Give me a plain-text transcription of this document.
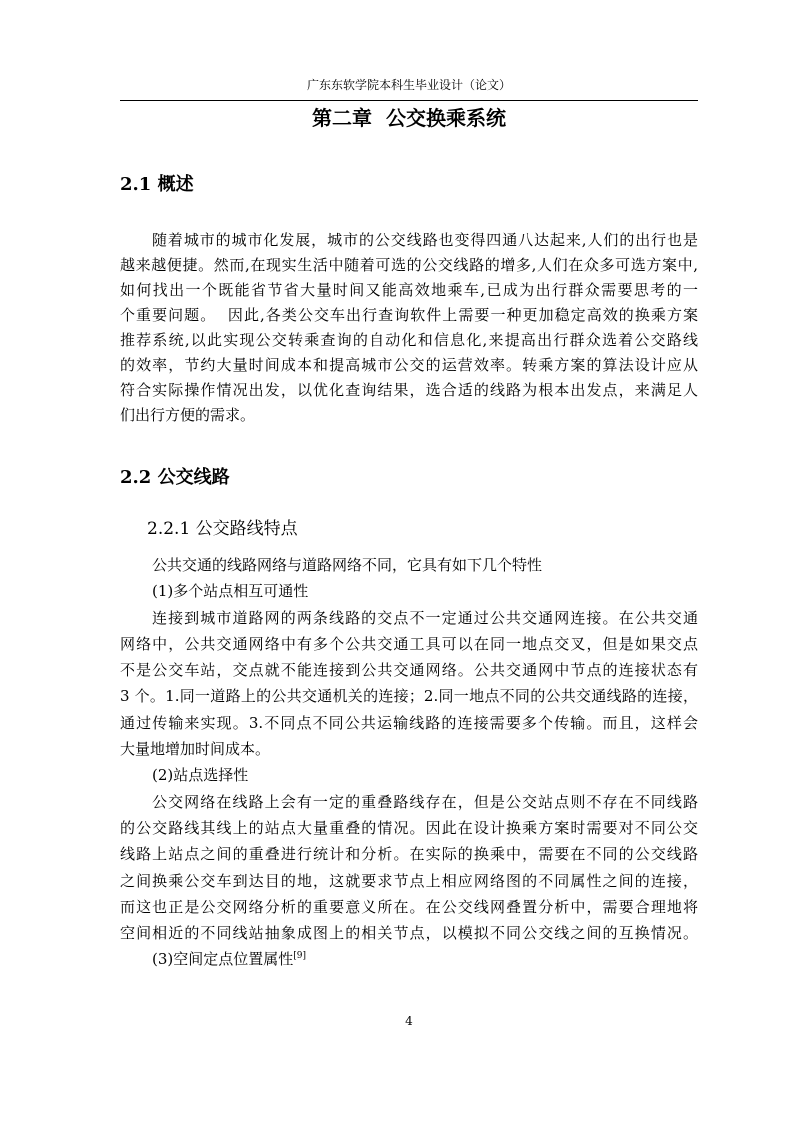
广东东软学院本科生毕业设计（论文）
第二章  公交换乘系统
2.1 概述
随着城市的城市化发展，城市的公交线路也变得四通八达起来,人们的出行也是
越来越便捷。然而,在现实生活中随着可选的公交线路的增多,人们在众多可选方案中,
如何找出一个既能省节省大量时间又能高效地乘车,已成为出行群众需要思考的一
个重要问题。  因此,各类公交车出行查询软件上需要一种更加稳定高效的换乘方案
推荐系统,以此实现公交转乘查询的自动化和信息化,来提高出行群众选着公交路线
的效率，节约大量时间成本和提高城市公交的运营效率。转乘方案的算法设计应从
符合实际操作情况出发，以优化查询结果，选合适的线路为根本出发点，来满足人
们出行方便的需求。
2.2 公交线路
2.2.1 公交路线特点
公共交通的线路网络与道路网络不同，它具有如下几个特性
(1)多个站点相互可通性
连接到城市道路网的两条线路的交点不一定通过公共交通网连接。在公共交通
网络中，公共交通网络中有多个公共交通工具可以在同一地点交叉，但是如果交点
不是公交车站，交点就不能连接到公共交通网络。公共交通网中节点的连接状态有
3 个。1.同一道路上的公共交通机关的连接；2.同一地点不同的公共交通线路的连接，
通过传输来实现。3.不同点不同公共运输线路的连接需要多个传输。而且，这样会
大量地增加时间成本。
(2)站点选择性
公交网络在线路上会有一定的重叠路线存在，但是公交站点则不存在不同线路
的公交路线其线上的站点大量重叠的情况。因此在设计换乘方案时需要对不同公交
线路上站点之间的重叠进行统计和分析。在实际的换乘中，需要在不同的公交线路
之间换乘公交车到达目的地，这就要求节点上相应网络图的不同属性之间的连接，
而这也正是公交网络分析的重要意义所在。在公交线网叠置分析中，需要合理地将
空间相近的不同线站抽象成图上的相关节点，以模拟不同公交线之间的互换情况。
(3)空间定点位置属性[9]
4
